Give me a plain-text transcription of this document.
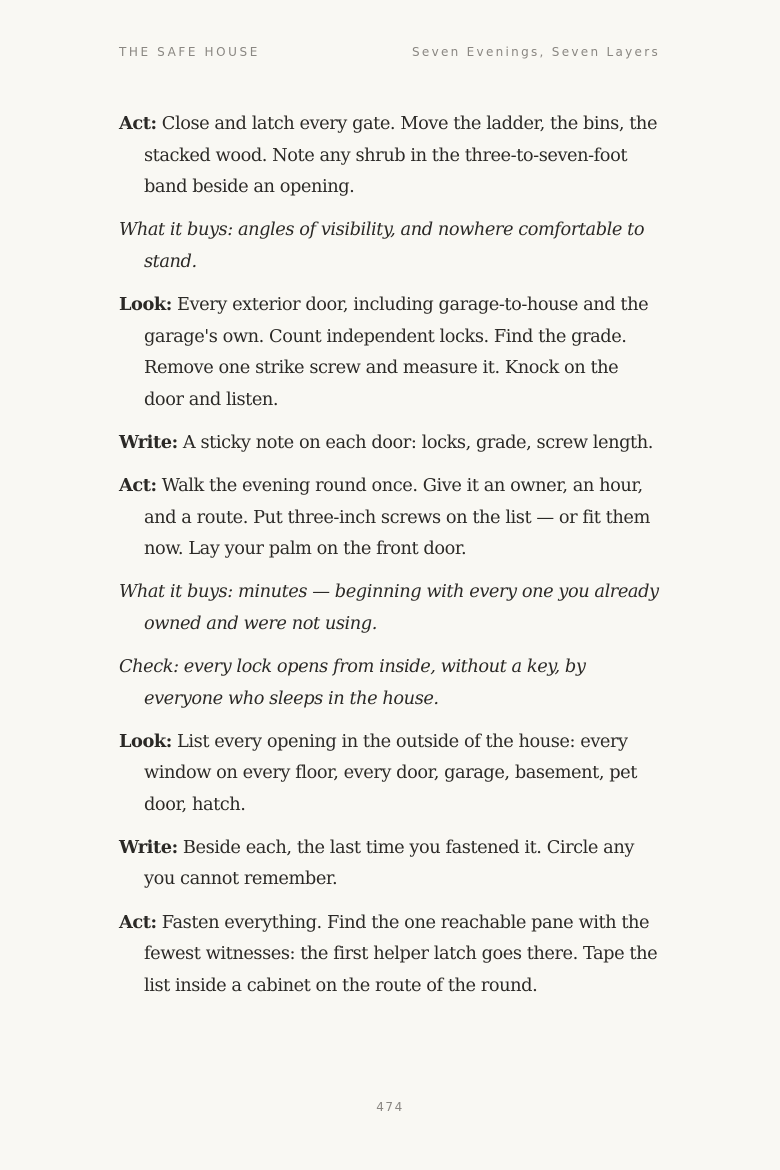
THE SAFE HOUSE	Seven Evenings, Seven Layers

Act: Close and latch every gate. Move the ladder, the bins, the stacked wood. Note any shrub in the three-to-seven-foot band beside an opening.

What it buys: angles of visibility, and nowhere comfortable to stand.

Look: Every exterior door, including garage-to-house and the garage's own. Count independent locks. Find the grade. Remove one strike screw and measure it. Knock on the door and listen.

Write: A sticky note on each door: locks, grade, screw length.

Act: Walk the evening round once. Give it an owner, an hour, and a route. Put three-inch screws on the list — or fit them now. Lay your palm on the front door.

What it buys: minutes — beginning with every one you already owned and were not using.

Check: every lock opens from inside, without a key, by everyone who sleeps in the house.

Look: List every opening in the outside of the house: every window on every floor, every door, garage, basement, pet door, hatch.

Write: Beside each, the last time you fastened it. Circle any you cannot remember.

Act: Fasten everything. Find the one reachable pane with the fewest witnesses: the first helper latch goes there. Tape the list inside a cabinet on the route of the round.

474
